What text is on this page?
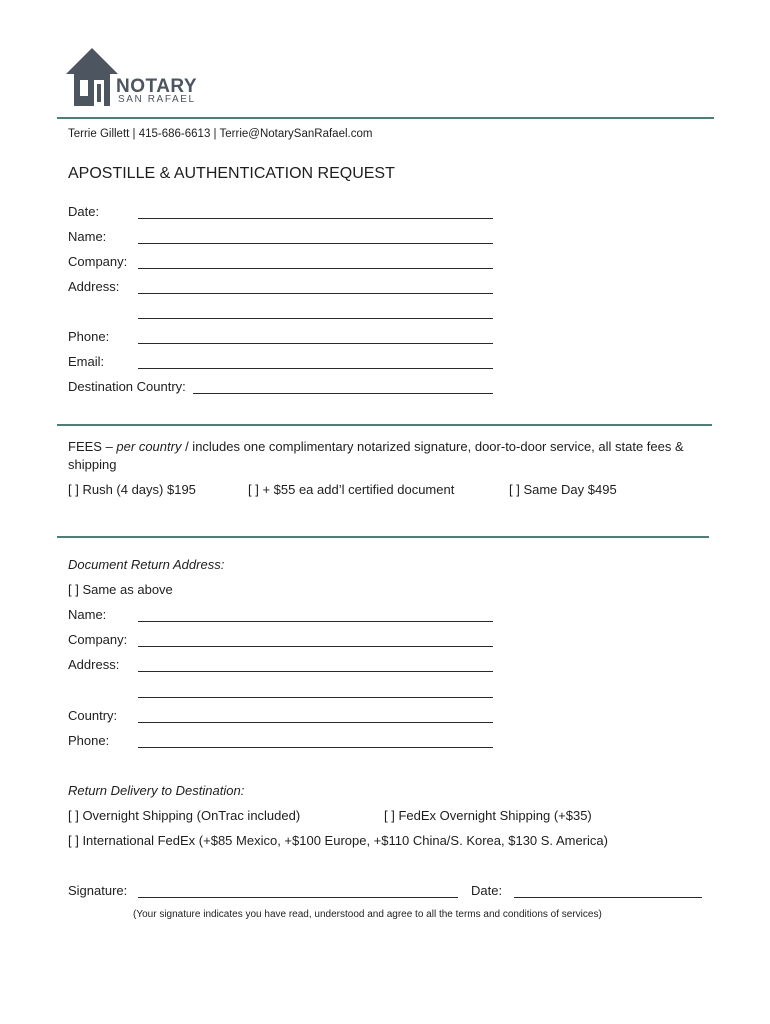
NOTARY
SAN RAFAEL
Terrie Gillett | 415-686-6613 | Terrie@NotarySanRafael.com
APOSTILLE & AUTHENTICATION REQUEST
Date:
Name:
Company:
Address:
Phone:
Email:
Destination Country:
FEES – per country / includes one complimentary notarized signature, door-to-door service, all state fees &
shipping
[ ] Rush (4 days) $195	[ ] + $55 ea add’l certified document	[ ] Same Day $495
Document Return Address:
[ ] Same as above
Name:
Company:
Address:
Country:
Phone:
Return Delivery to Destination:
[ ] Overnight Shipping (OnTrac included)	[ ] FedEx Overnight Shipping (+$35)
[ ] International FedEx (+$85 Mexico, +$100 Europe, +$110 China/S. Korea, $130 S. America)
Signature:	Date:
(Your signature indicates you have read, understood and agree to all the terms and conditions of services)
